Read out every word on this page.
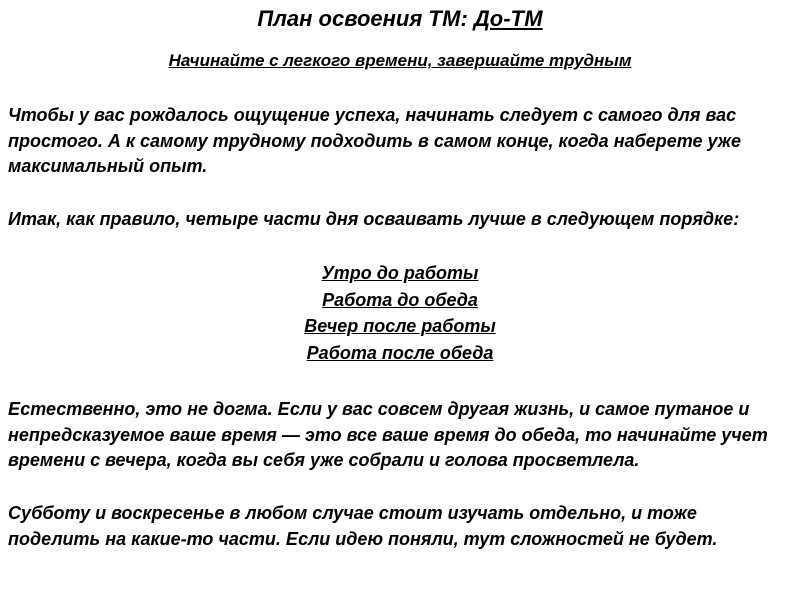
План освоения ТМ: До-ТМ
Начинайте с легкого времени, завершайте трудным

Чтобы у вас рождалось ощущение успеха, начинать следует с самого для вас простого. А к самому трудному подходить в самом конце, когда наберете уже максимальный опыт.

Итак, как правило, четыре части дня осваивать лучше в следующем порядке:

Утро до работы
Работа до обеда
Вечер после работы
Работа после обеда

Естественно, это не догма. Если у вас совсем другая жизнь, и самое путаное и непредсказуемое ваше время — это все ваше время до обеда, то начинайте учет времени с вечера, когда вы себя уже собрали и голова просветлела.

Субботу и воскресенье в любом случае стоит изучать отдельно, и тоже поделить на какие-то части. Если идею поняли, тут сложностей не будет.
